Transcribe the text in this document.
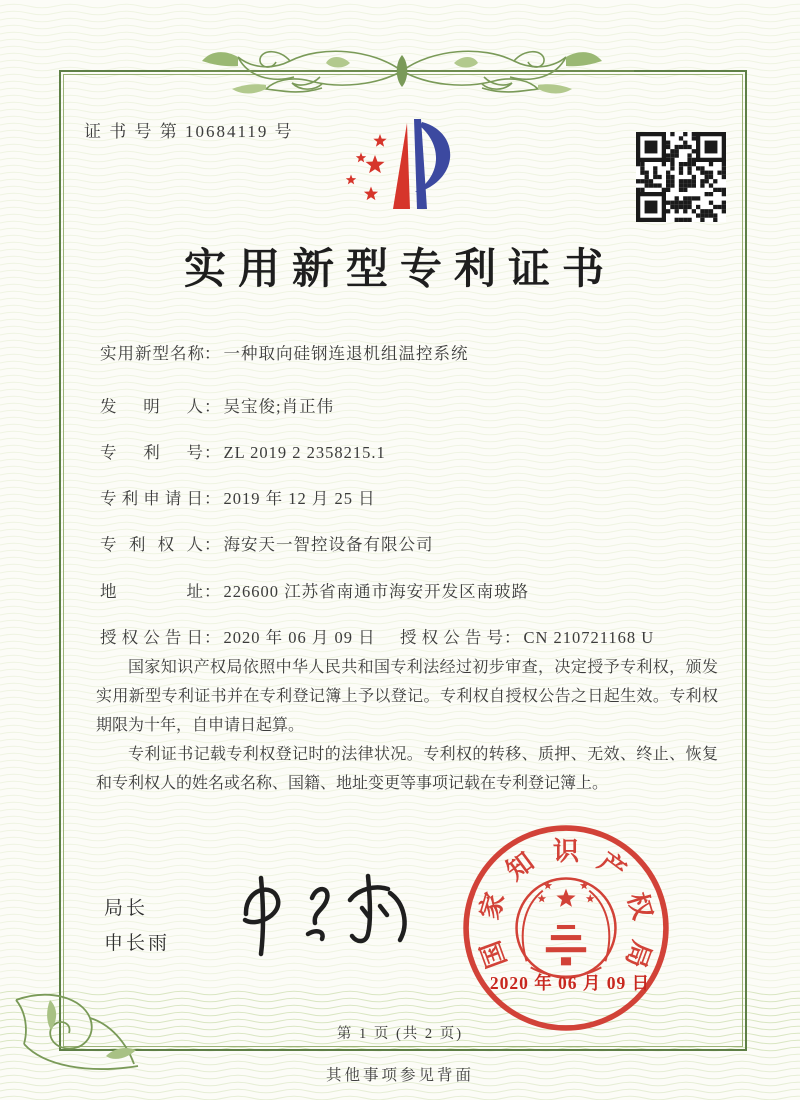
证 书 号 第 10684119 号
实用新型专利证书
实用新型名称： 一种取向硅钢连退机组温控系统
发明人： 吴宝俊;肖正伟
专利号： ZL 2019 2 2358215.1
专利申请日： 2019 年 12 月 25 日
专利权人： 海安天一智控设备有限公司
地址： 226600 江苏省南通市海安开发区南玻路
授权公告日： 2020 年 06 月 09 日 授权公告号： CN 210721168 U

国家知识产权局依照中华人民共和国专利法经过初步审查，决定授予专利权，颁发实用新型专利证书并在专利登记簿上予以登记。专利权自授权公告之日起生效。专利权期限为十年，自申请日起算。

专利证书记载专利权登记时的法律状况。专利权的转移、质押、无效、终止、恢复和专利权人的姓名或名称、国籍、地址变更等事项记载在专利登记簿上。

局长
申长雨	国
家
知 识 产
权
局
2020 年 06 月 09 日
第 1 页 (共 2 页)
其他事项参见背面
